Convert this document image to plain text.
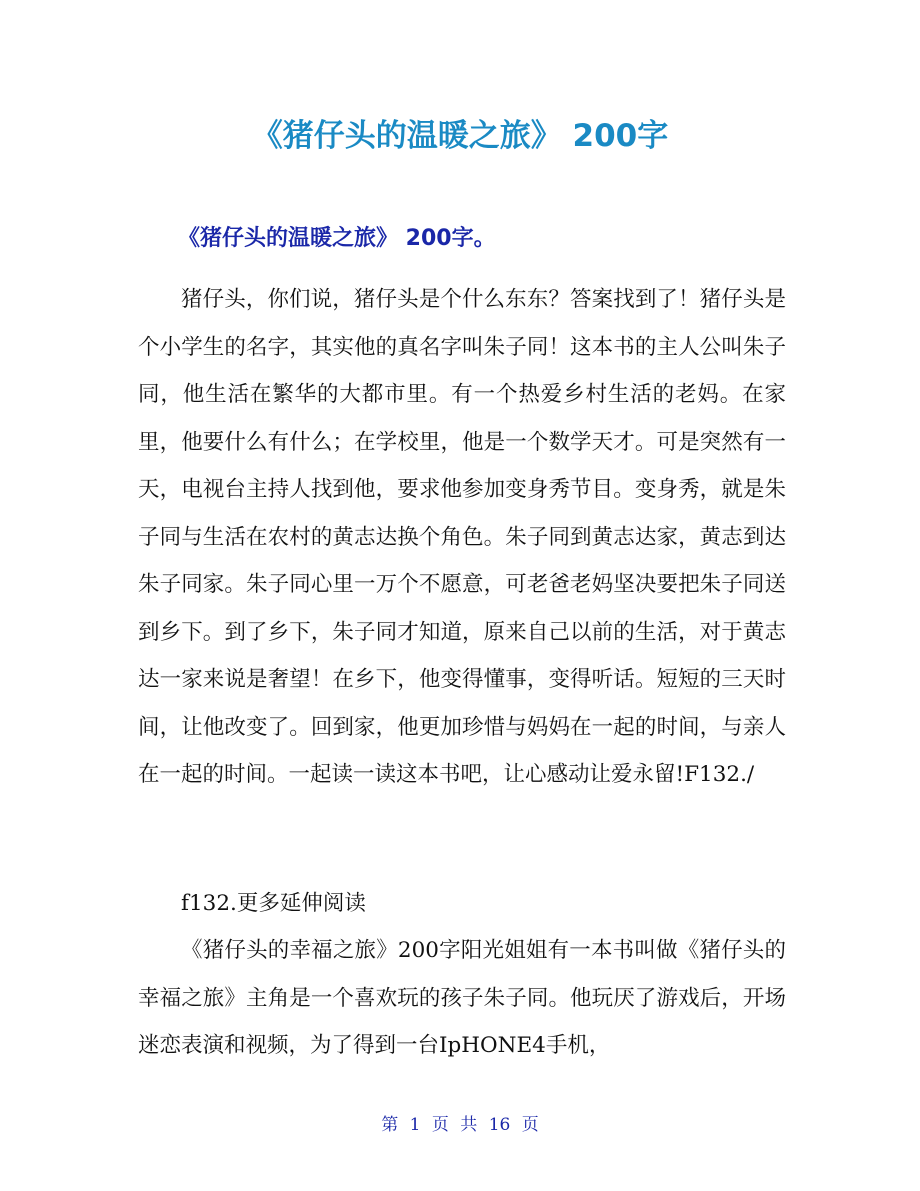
《猪仔头的温暖之旅》 200字
《猪仔头的温暖之旅》 200字。

猪仔头，你们说，猪仔头是个什么东东？答案找到了！猪仔头是个小学生的名字，其实他的真名字叫朱子同！这本书的主人公叫朱子同，他生活在繁华的大都市里。有一个热爱乡村生活的老妈。在家里，他要什么有什么；在学校里，他是一个数学天才。可是突然有一天，电视台主持人找到他，要求他参加变身秀节目。变身秀，就是朱子同与生活在农村的黄志达换个角色。朱子同到黄志达家，黄志到达朱子同家。朱子同心里一万个不愿意，可老爸老妈坚决要把朱子同送到乡下。到了乡下，朱子同才知道，原来自己以前的生活，对于黄志达一家来说是奢望！在乡下，他变得懂事，变得听话。短短的三天时间，让他改变了。回到家，他更加珍惜与妈妈在一起的时间，与亲人在一起的时间。一起读一读这本书吧，让心感动让爱永留!F132./

f132.更多延伸阅读

《猪仔头的幸福之旅》200字阳光姐姐有一本书叫做《猪仔头的幸福之旅》主角是一个喜欢玩的孩子朱子同。他玩厌了游戏后，开场迷恋表演和视频，为了得到一台IpHONE4手机，

第 1 页 共 16 页
